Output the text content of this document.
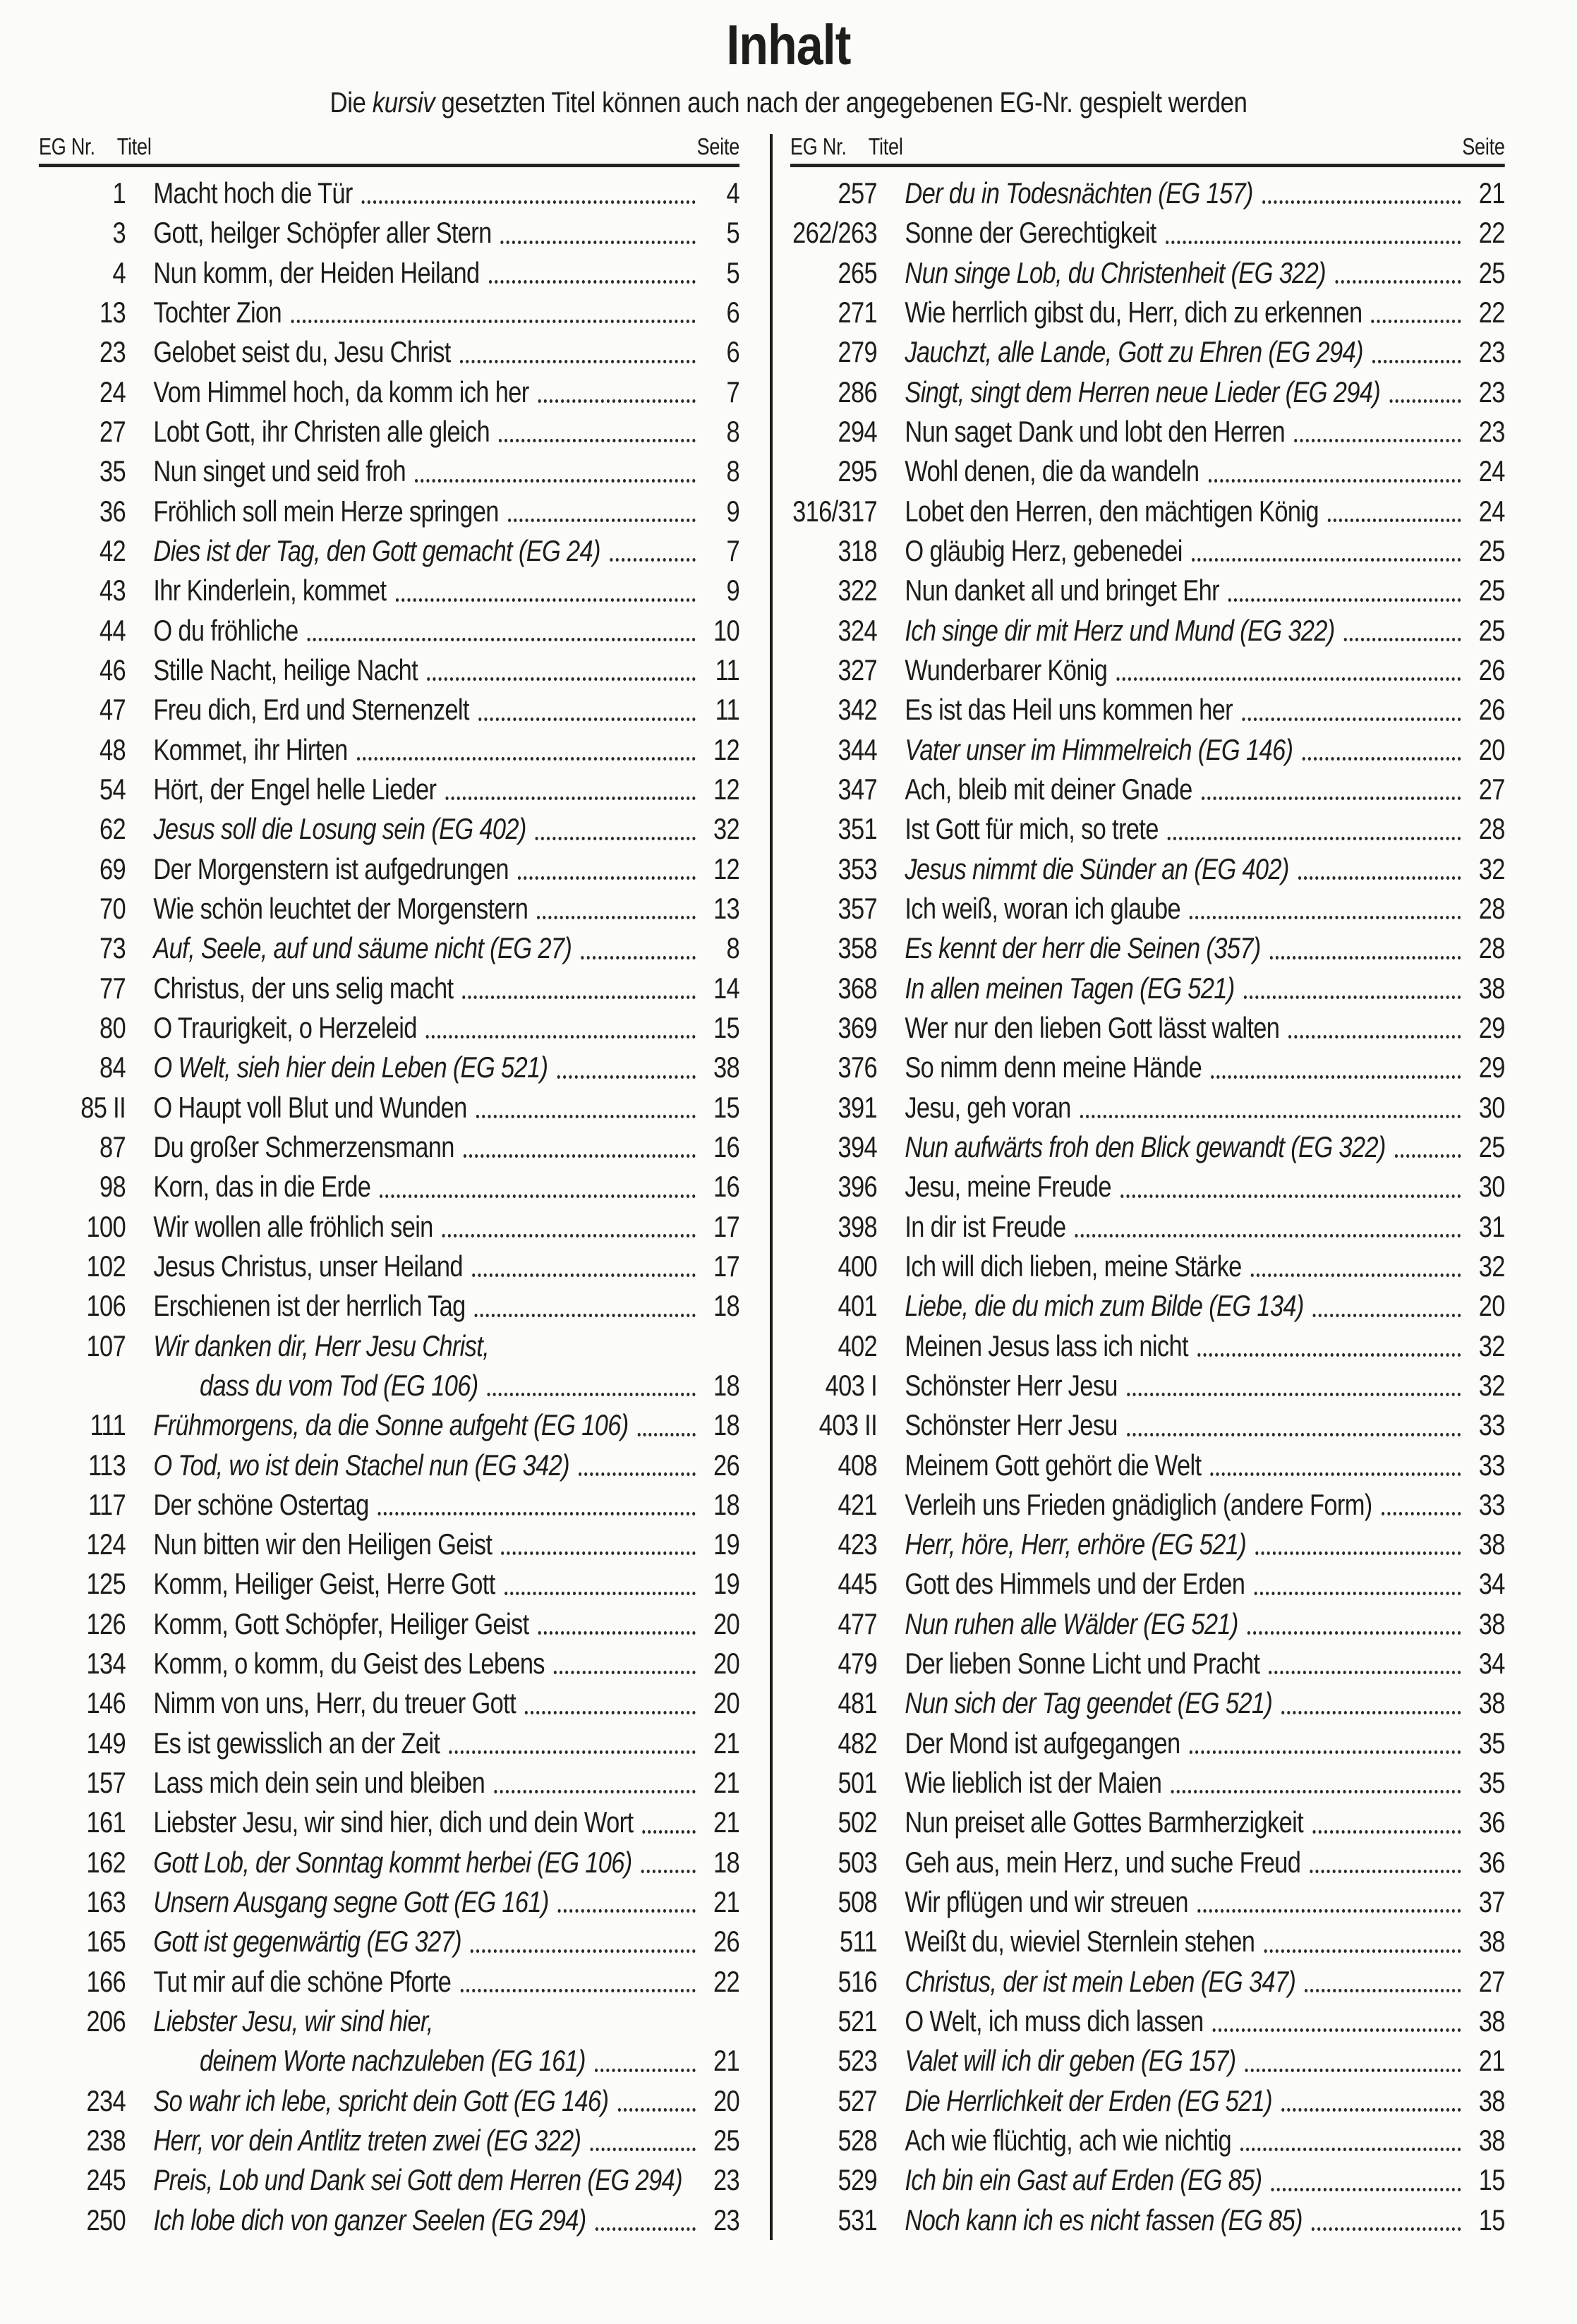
Inhalt

Die kursiv gesetzten Titel können auch nach der angegebenen EG-Nr. gespielt werden

EG Nr. Titel	Seite
1 Macht hoch die Tür	4
3 Gott, heilger Schöpfer aller Stern	5
4 Nun komm, der Heiden Heiland	5
13 Tochter Zion	6
23 Gelobet seist du, Jesu Christ	6
24 Vom Himmel hoch, da komm ich her	7
27 Lobt Gott, ihr Christen alle gleich	8
35 Nun singet und seid froh	8
36 Fröhlich soll mein Herze springen	9
42 Dies ist der Tag, den Gott gemacht (EG 24)	7
43 Ihr Kinderlein, kommet	9
44 O du fröhliche	10
46 Stille Nacht, heilige Nacht	11
47 Freu dich, Erd und Sternenzelt	11
48 Kommet, ihr Hirten	12
54 Hört, der Engel helle Lieder	12
62 Jesus soll die Losung sein (EG 402)	32
69 Der Morgenstern ist aufgedrungen	12
70 Wie schön leuchtet der Morgenstern	13
73 Auf, Seele, auf und säume nicht (EG 27)	8
77 Christus, der uns selig macht	14
80 O Traurigkeit, o Herzeleid	15
84 O Welt, sieh hier dein Leben (EG 521)	38
85 II O Haupt voll Blut und Wunden	15
87 Du großer Schmerzensmann	16
98 Korn, das in die Erde	16
100 Wir wollen alle fröhlich sein	17
102 Jesus Christus, unser Heiland	17
106 Erschienen ist der herrlich Tag	18
107 Wir danken dir, Herr Jesu Christ,
dass du vom Tod (EG 106)	18
111 Frühmorgens, da die Sonne aufgeht (EG 106)	18
113 O Tod, wo ist dein Stachel nun (EG 342)	26
117 Der schöne Ostertag	18
124 Nun bitten wir den Heiligen Geist	19
125 Komm, Heiliger Geist, Herre Gott	19
126 Komm, Gott Schöpfer, Heiliger Geist	20
134 Komm, o komm, du Geist des Lebens	20
146 Nimm von uns, Herr, du treuer Gott	20
149 Es ist gewisslich an der Zeit	21
157 Lass mich dein sein und bleiben	21
161 Liebster Jesu, wir sind hier, dich und dein Wort	21
162 Gott Lob, der Sonntag kommt herbei (EG 106)	18
163 Unsern Ausgang segne Gott (EG 161)	21
165 Gott ist gegenwärtig (EG 327)	26
166 Tut mir auf die schöne Pforte	22
206 Liebster Jesu, wir sind hier,
deinem Worte nachzuleben (EG 161)	21
234 So wahr ich lebe, spricht dein Gott (EG 146)	20
238 Herr, vor dein Antlitz treten zwei (EG 322)	25
245 Preis, Lob und Dank sei Gott dem Herren (EG 294)	23
250 Ich lobe dich von ganzer Seelen (EG 294)	23
EG Nr. Titel	Seite
257 Der du in Todesnächten (EG 157)	21
262/263 Sonne der Gerechtigkeit	22
265 Nun singe Lob, du Christenheit (EG 322)	25
271 Wie herrlich gibst du, Herr, dich zu erkennen	22
279 Jauchzt, alle Lande, Gott zu Ehren (EG 294)	23
286 Singt, singt dem Herren neue Lieder (EG 294)	23
294 Nun saget Dank und lobt den Herren	23
295 Wohl denen, die da wandeln	24
316/317 Lobet den Herren, den mächtigen König	24
318 O gläubig Herz, gebenedei	25
322 Nun danket all und bringet Ehr	25
324 Ich singe dir mit Herz und Mund (EG 322)	25
327 Wunderbarer König	26
342 Es ist das Heil uns kommen her	26
344 Vater unser im Himmelreich (EG 146)	20
347 Ach, bleib mit deiner Gnade	27
351 Ist Gott für mich, so trete	28
353 Jesus nimmt die Sünder an (EG 402)	32
357 Ich weiß, woran ich glaube	28
358 Es kennt der herr die Seinen (357)	28
368 In allen meinen Tagen (EG 521)	38
369 Wer nur den lieben Gott lässt walten	29
376 So nimm denn meine Hände	29
391 Jesu, geh voran	30
394 Nun aufwärts froh den Blick gewandt (EG 322)	25
396 Jesu, meine Freude	30
398 In dir ist Freude	31
400 Ich will dich lieben, meine Stärke	32
401 Liebe, die du mich zum Bilde (EG 134)	20
402 Meinen Jesus lass ich nicht	32
403 I Schönster Herr Jesu	32
403 II Schönster Herr Jesu	33
408 Meinem Gott gehört die Welt	33
421 Verleih uns Frieden gnädiglich (andere Form)	33
423 Herr, höre, Herr, erhöre (EG 521)	38
445 Gott des Himmels und der Erden	34
477 Nun ruhen alle Wälder (EG 521)	38
479 Der lieben Sonne Licht und Pracht	34
481 Nun sich der Tag geendet (EG 521)	38
482 Der Mond ist aufgegangen	35
501 Wie lieblich ist der Maien	35
502 Nun preiset alle Gottes Barmherzigkeit	36
503 Geh aus, mein Herz, und suche Freud	36
508 Wir pflügen und wir streuen	37
511 Weißt du, wieviel Sternlein stehen	38
516 Christus, der ist mein Leben (EG 347)	27
521 O Welt, ich muss dich lassen	38
523 Valet will ich dir geben (EG 157)	21
527 Die Herrlichkeit der Erden (EG 521)	38
528 Ach wie flüchtig, ach wie nichtig	38
529 Ich bin ein Gast auf Erden (EG 85)	15
531 Noch kann ich es nicht fassen (EG 85)	15
